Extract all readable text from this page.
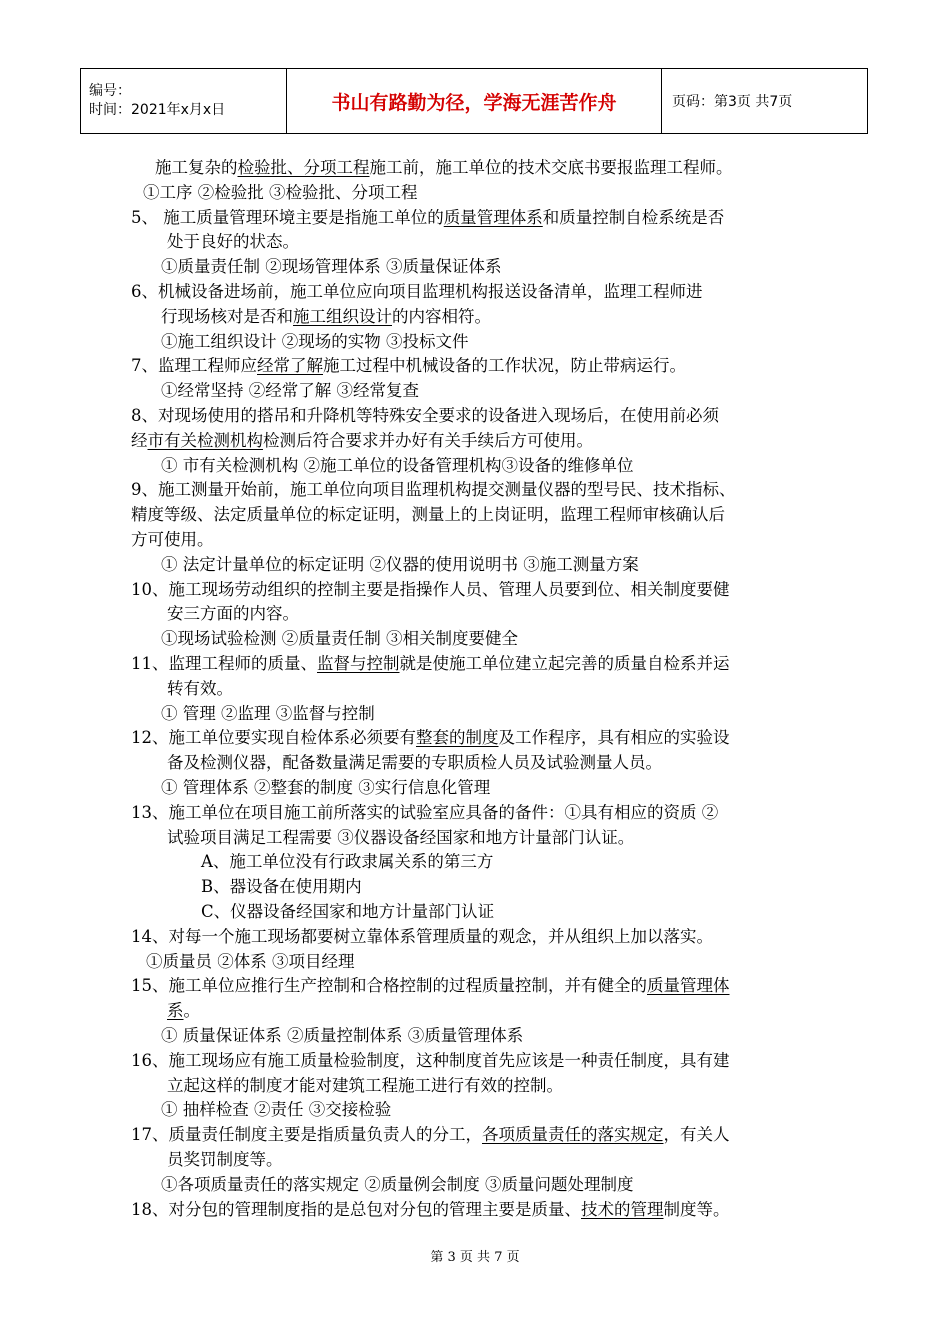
编号：
时间：2021年x月x日	书山有路勤为径，学海无涯苦作舟	页码：第3页 共7页
施工复杂的检验批、分项工程施工前，施工单位的技术交底书要报监理工程师。
①工序 ②检验批 ③检验批、分项工程
5、 施工质量管理环境主要是指施工单位的质量管理体系和质量控制自检系统是否
处于良好的状态。
①质量责任制 ②现场管理体系 ③质量保证体系
6、机械设备进场前，施工单位应向项目监理机构报送设备清单，监理工程师进
行现场核对是否和施工组织设计的内容相符。
①施工组织设计 ②现场的实物 ③投标文件
7、监理工程师应经常了解施工过程中机械设备的工作状况，防止带病运行。
①经常坚持 ②经常了解 ③经常复查
8、对现场使用的搭吊和升降机等特殊安全要求的设备进入现场后，在使用前必须
经市有关检测机构检测后符合要求并办好有关手续后方可使用。
① 市有关检测机构 ②施工单位的设备管理机构③设备的维修单位
9、施工测量开始前，施工单位向项目监理机构提交测量仪器的型号民、技术指标、
精度等级、法定质量单位的标定证明，测量上的上岗证明，监理工程师审核确认后
方可使用。
① 法定计量单位的标定证明 ②仪器的使用说明书 ③施工测量方案
10、施工现场劳动组织的控制主要是指操作人员、管理人员要到位、相关制度要健
安三方面的内容。
①现场试验检测 ②质量责任制 ③相关制度要健全
11、监理工程师的质量、监督与控制就是使施工单位建立起完善的质量自检系并运
转有效。
① 管理 ②监理 ③监督与控制
12、施工单位要实现自检体系必须要有整套的制度及工作程序，具有相应的实验设
备及检测仪器，配备数量满足需要的专职质检人员及试验测量人员。
① 管理体系 ②整套的制度 ③实行信息化管理
13、施工单位在项目施工前所落实的试验室应具备的备件：①具有相应的资质 ②
试验项目满足工程需要 ③仪器设备经国家和地方计量部门认证。
A、施工单位没有行政隶属关系的第三方
B、器设备在使用期内
C、仪器设备经国家和地方计量部门认证
14、对每一个施工现场都要树立靠体系管理质量的观念，并从组织上加以落实。
①质量员 ②体系 ③项目经理
15、施工单位应推行生产控制和合格控制的过程质量控制，并有健全的质量管理体
系。
① 质量保证体系 ②质量控制体系 ③质量管理体系
16、施工现场应有施工质量检验制度，这种制度首先应该是一种责任制度，具有建
立起这样的制度才能对建筑工程施工进行有效的控制。
① 抽样检查 ②责任 ③交接检验
17、质量责任制度主要是指质量负责人的分工，各项质量责任的落实规定，有关人
员奖罚制度等。
①各项质量责任的落实规定 ②质量例会制度 ③质量问题处理制度
18、对分包的管理制度指的是总包对分包的管理主要是质量、技术的管理制度等。
第 3 页 共 7 页
